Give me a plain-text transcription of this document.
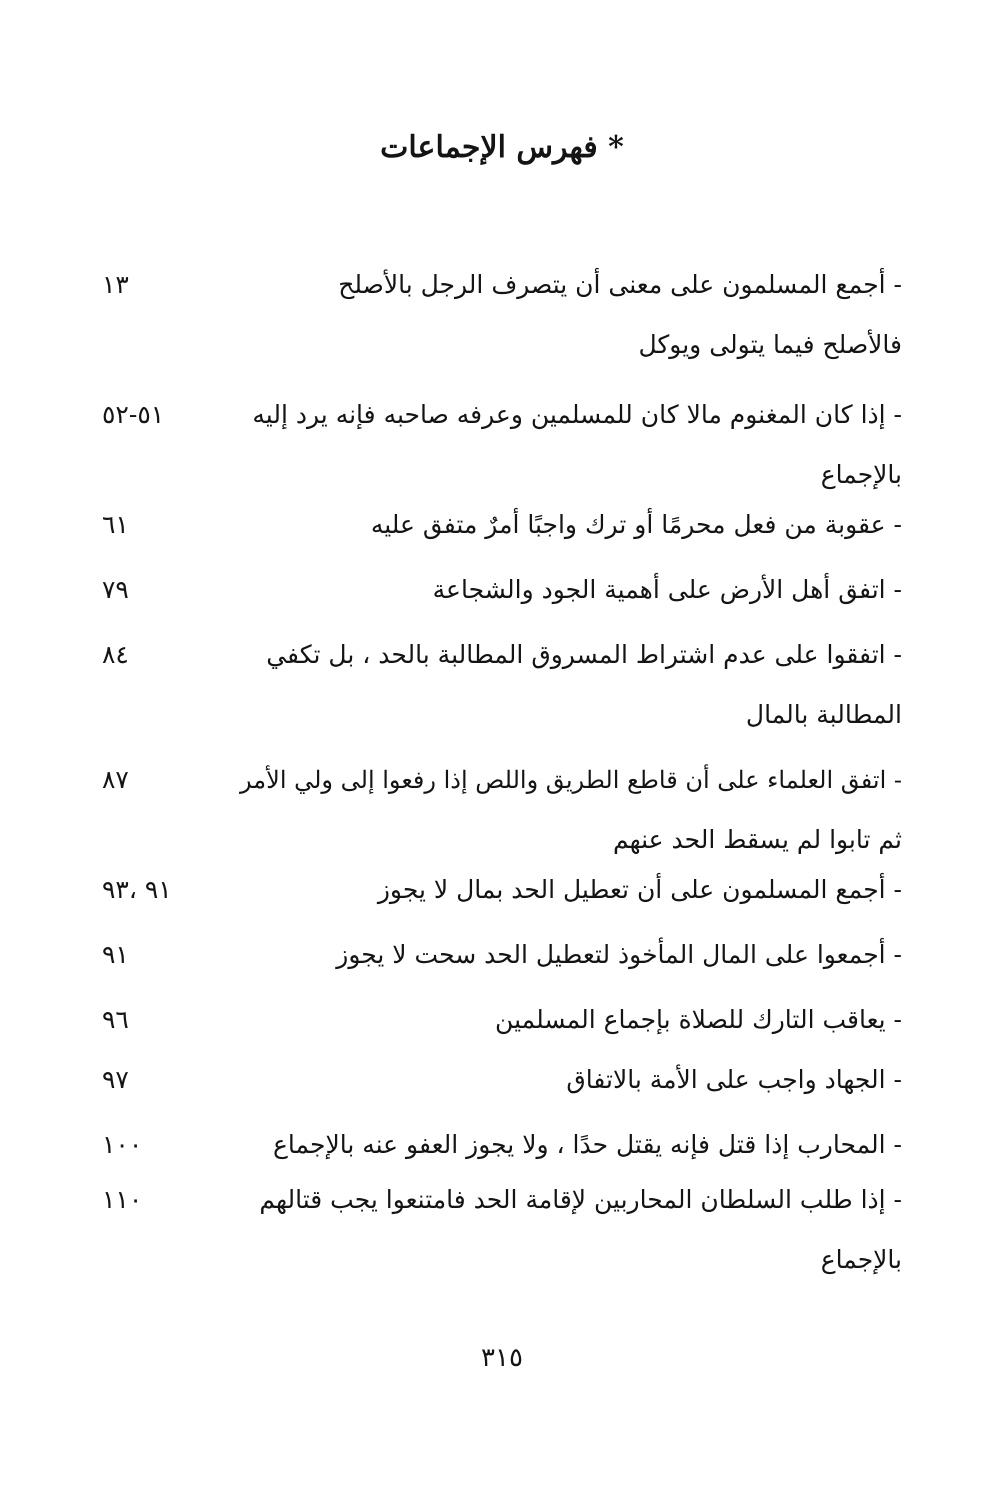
* فهرس الإجماعات
- أجمع المسلمون على معنى أن يتصرف الرجل بالأصلح
فالأصلح فيما يتولى ويوكل
١٣
- إذا كان المغنوم مالا كان للمسلمين وعرفه صاحبه فإنه يرد إليه
بالإجماع
٥١-٥٢
- عقوبة من فعل محرمًا أو ترك واجبًا أمرٌ متفق عليه
٦١
- اتفق أهل الأرض على أهمية الجود والشجاعة
٧٩
- اتفقوا على عدم اشتراط المسروق المطالبة بالحد ، بل تكفي
المطالبة بالمال
٨٤
- اتفق العلماء على أن قاطع الطريق واللص إذا رفعوا إلى ولي الأمر
ثم تابوا لم يسقط الحد عنهم
٨٧
- أجمع المسلمون على أن تعطيل الحد بمال لا يجوز
٩١ ،٩٣
- أجمعوا على المال المأخوذ لتعطيل الحد سحت لا يجوز
٩١
- يعاقب التارك للصلاة بإجماع المسلمين
٩٦
- الجهاد واجب على الأمة بالاتفاق
٩٧
- المحارب إذا قتل فإنه يقتل حدًا ، ولا يجوز العفو عنه بالإجماع
١٠٠
- إذا طلب السلطان المحاربين لإقامة الحد فامتنعوا يجب قتالهم
بالإجماع
١١٠
٣١٥
